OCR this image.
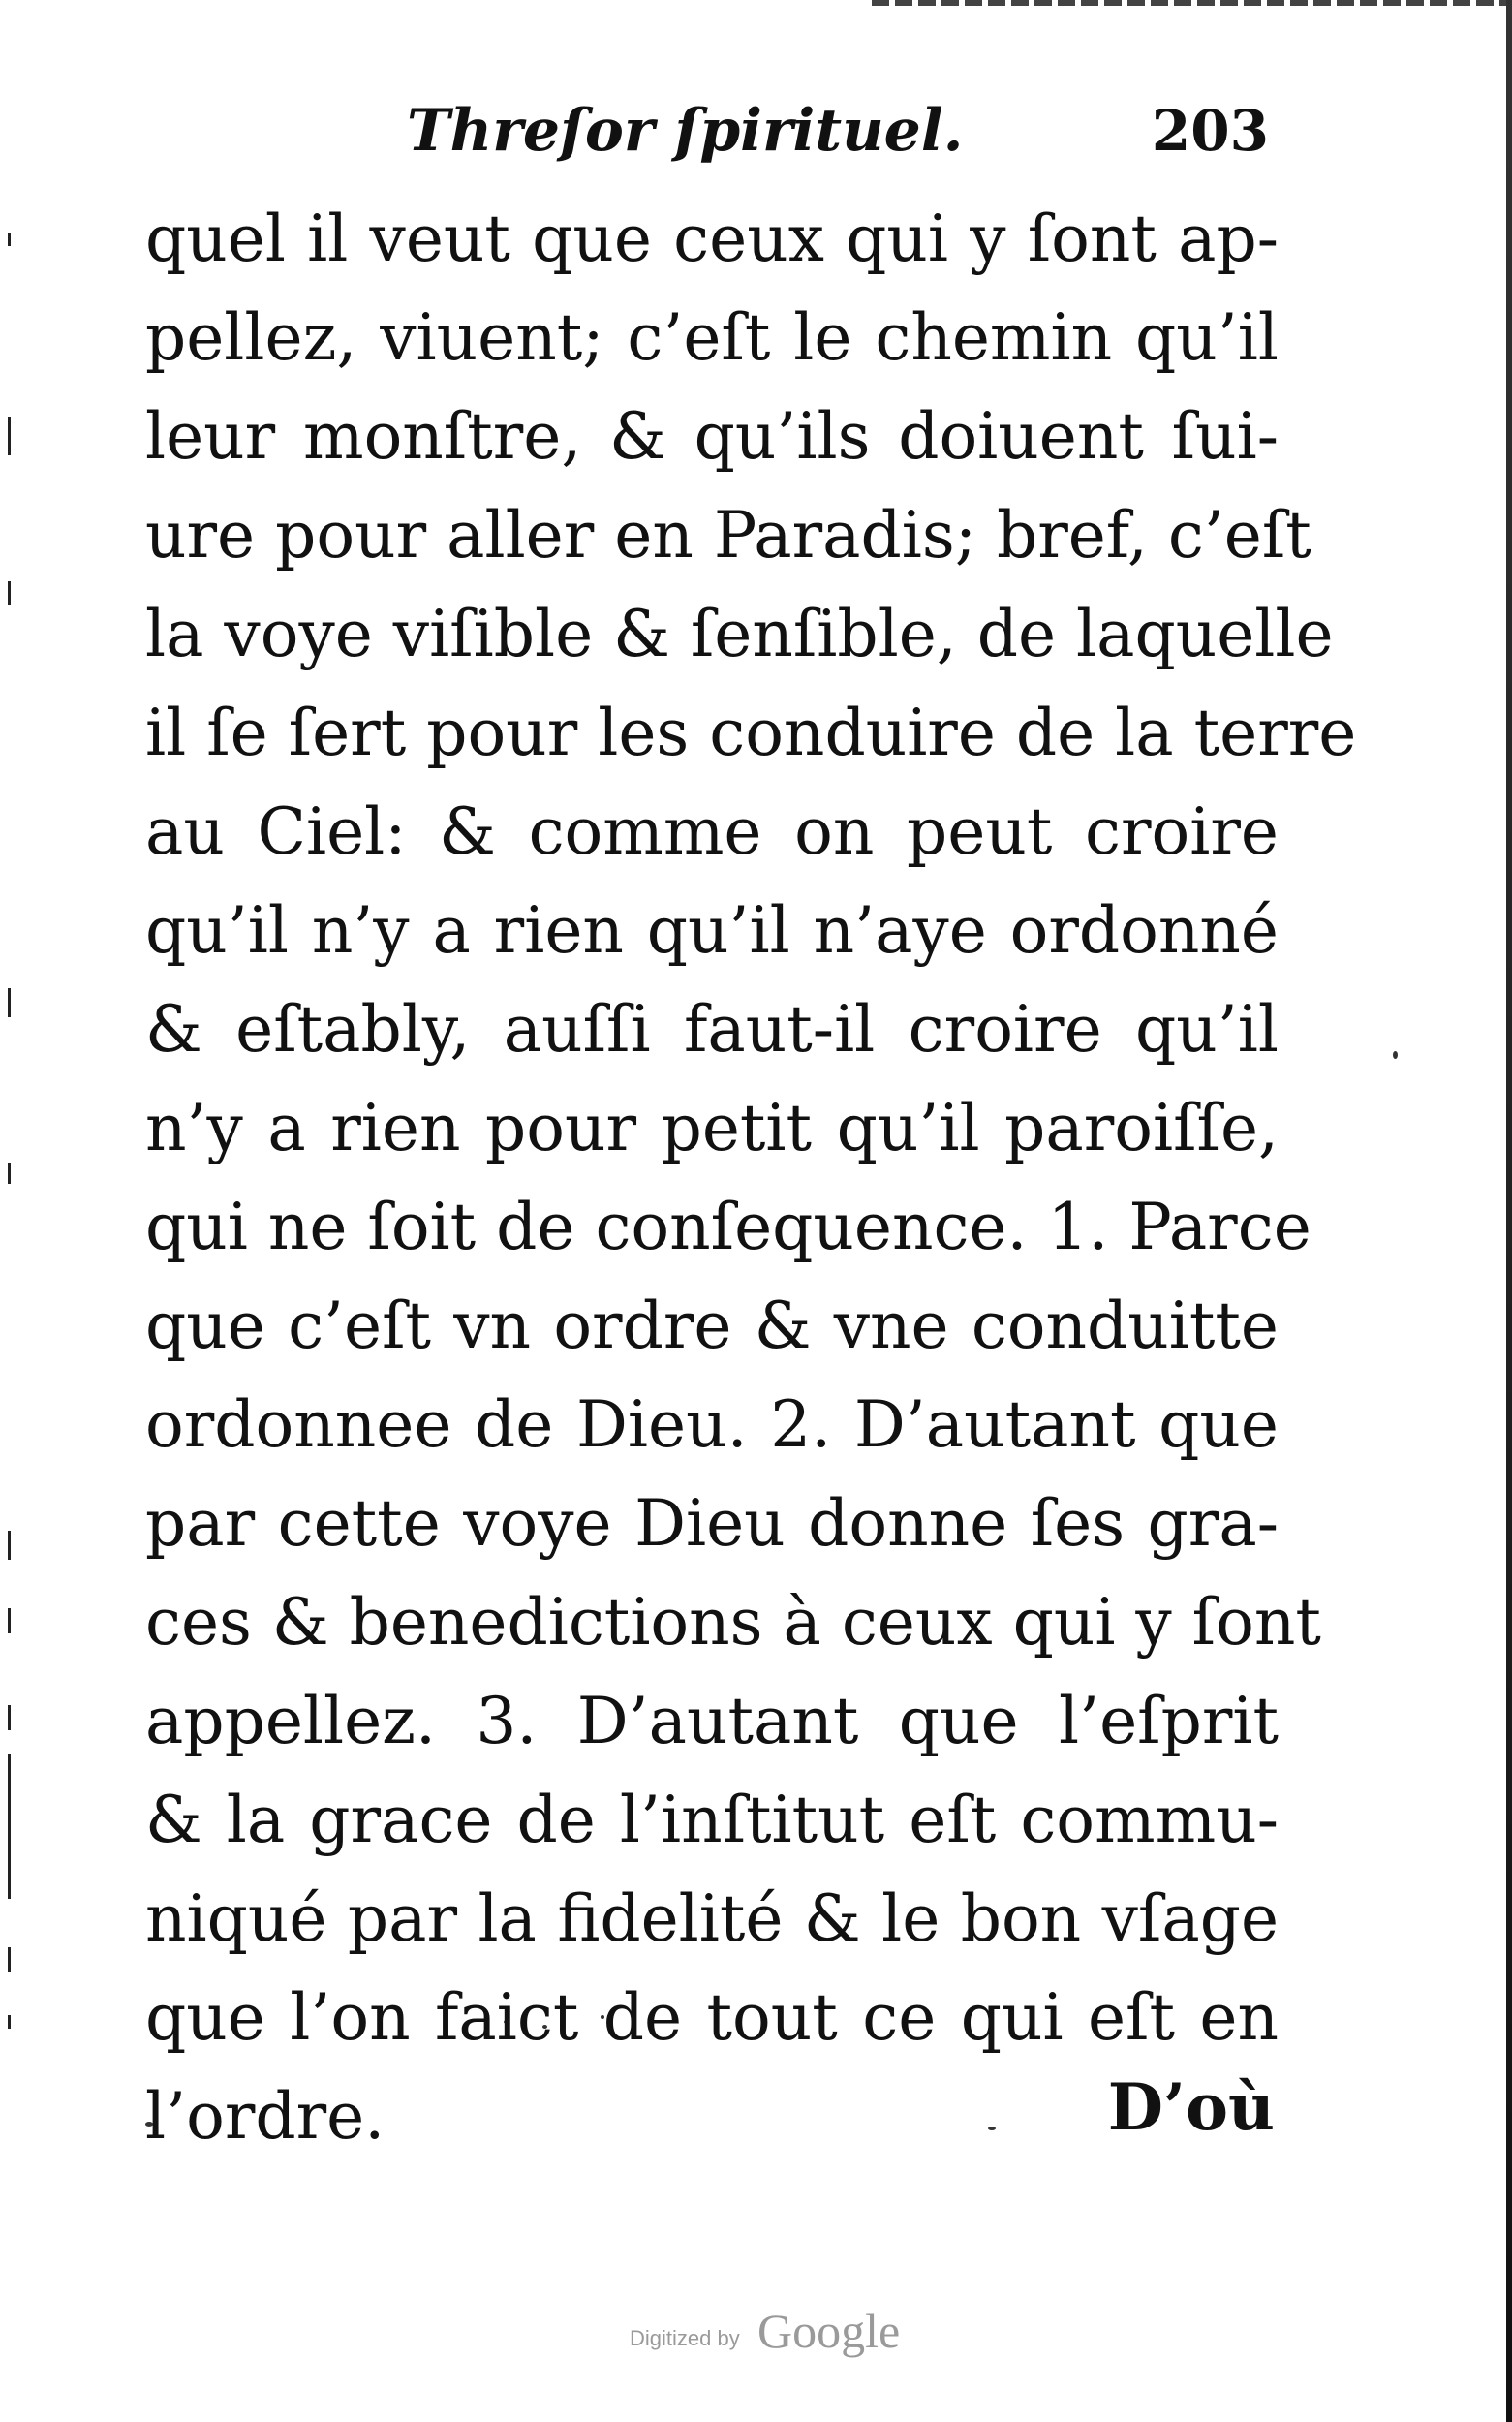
Threſor ſpirituel.	203
quel il veut que ceux qui y ſont ap-
pellez, viuent; c’eſt le chemin qu’il
leur monſtre, & qu’ils doiuent ſui-
ure pour aller en Paradis; bref, c’eſt
la voye viſible & ſenſible, de laquelle
il ſe ſert pour les conduire de la terre
au Ciel: & comme on peut croire
qu’il n’y a rien qu’il n’aye ordonné
& eſtably, auſſi faut-il croire qu’il
n’y a rien pour petit qu’il paroiſſe,
qui ne ſoit de conſequence. 1. Parce
que c’eſt vn ordre & vne conduitte
ordonnee de Dieu. 2. D’autant que
par cette voye Dieu donne ſes gra-
ces & benedictions à ceux qui y ſont
appellez. 3. D’autant que l’eſprit
& la grace de l’inſtitut eſt commu-
niqué par la fidelité & le bon vſage
que l’on faict de tout ce qui eſt en
l’ordre.	D’où
Digitized by Google
